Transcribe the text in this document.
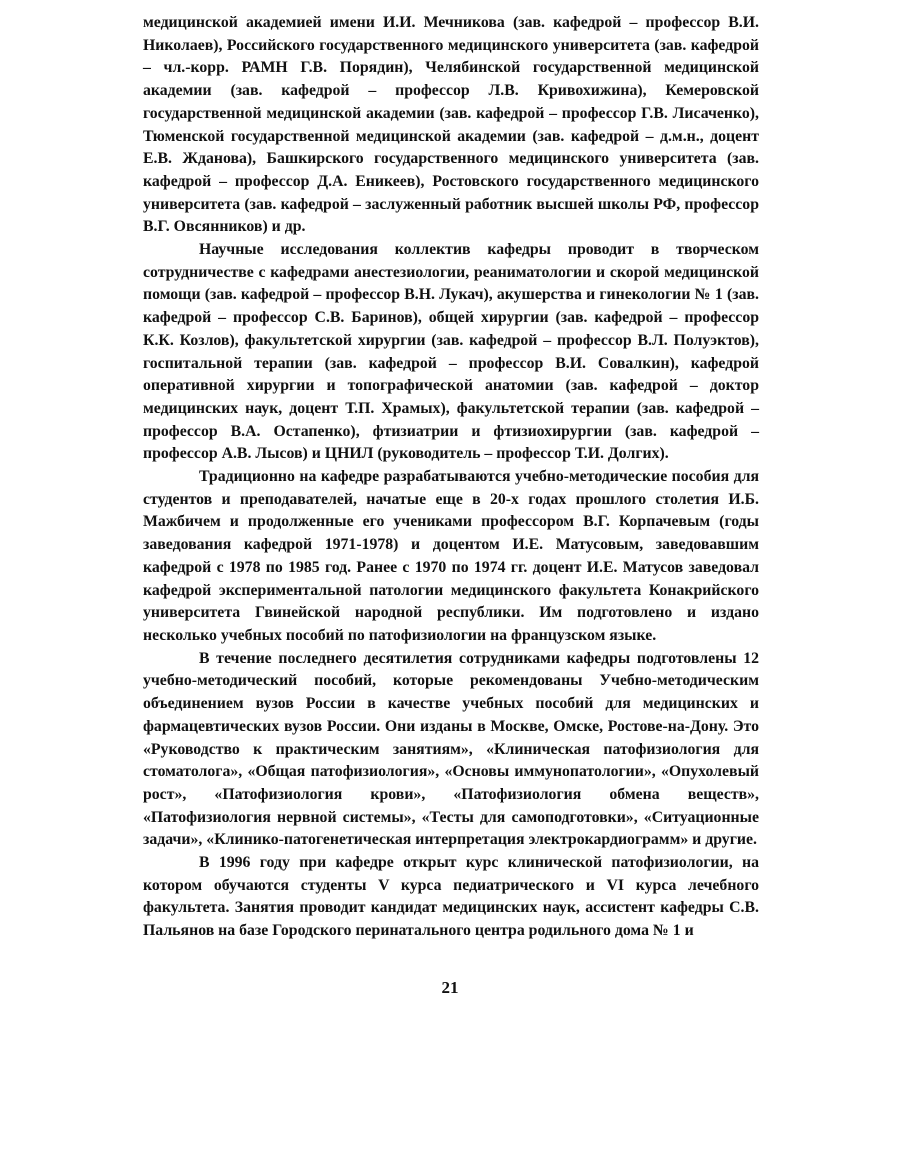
медицинской академией имени И.И. Мечникова (зав. кафедрой – профессор В.И. Николаев), Российского государственного медицинского университета (зав. кафедрой – чл.-корр. РАМН Г.В. Порядин), Челябинской государственной медицинской академии (зав. кафедрой – профессор Л.В. Кривохижина), Кемеровской государственной медицинской академии (зав. кафедрой – профессор Г.В. Лисаченко), Тюменской государственной медицинской академии (зав. кафедрой – д.м.н., доцент Е.В. Жданова), Башкирского государственного медицинского университета (зав. кафедрой – профессор Д.А. Еникеев), Ростовского государственного медицинского университета (зав. кафедрой – заслуженный работник высшей школы РФ, профессор В.Г. Овсянников) и др.

Научные исследования коллектив кафедры проводит в творческом сотрудничестве с кафедрами анестезиологии, реаниматологии и скорой медицинской помощи (зав. кафедрой – профессор В.Н. Лукач), акушерства и гинекологии № 1 (зав. кафедрой – профессор С.В. Баринов), общей хирургии (зав. кафедрой – профессор К.К. Козлов), факультетской хирургии (зав. кафедрой – профессор В.Л. Полуэктов), госпитальной терапии (зав. кафедрой – профессор В.И. Совалкин), кафедрой оперативной хирургии и топографической анатомии (зав. кафедрой – доктор медицинских наук, доцент Т.П. Храмых), факультетской терапии (зав. кафедрой – профессор В.А. Остапенко), фтизиатрии и фтизиохирургии (зав. кафедрой – профессор А.В. Лысов) и ЦНИЛ (руководитель – профессор Т.И. Долгих).

Традиционно на кафедре разрабатываются учебно-методические пособия для студентов и преподавателей, начатые еще в 20-х годах прошлого столетия И.Б. Мажбичем и продолженные его учениками профессором В.Г. Корпачевым (годы заведования кафедрой 1971-1978) и доцентом И.Е. Матусовым, заведовавшим кафедрой с 1978 по 1985 год. Ранее с 1970 по 1974 гг. доцент И.Е. Матусов заведовал кафедрой экспериментальной патологии медицинского факультета Конакрийского университета Гвинейской народной республики. Им подготовлено и издано несколько учебных пособий по патофизиологии на французском языке.

В течение последнего десятилетия сотрудниками кафедры подготовлены 12 учебно-методический пособий, которые рекомендованы Учебно-методическим объединением вузов России в качестве учебных пособий для медицинских и фармацевтических вузов России. Они изданы в Москве, Омске, Ростове-на-Дону. Это «Руководство к практическим занятиям», «Клиническая патофизиология для стоматолога», «Общая патофизиология», «Основы иммунопатологии», «Опухолевый рост», «Патофизиология крови», «Патофизиология обмена веществ», «Патофизиология нервной системы», «Тесты для самоподготовки», «Ситуационные задачи», «Клинико-патогенетическая интерпретация электрокардиограмм» и другие.

В 1996 году при кафедре открыт курс клинической патофизиологии, на котором обучаются студенты V курса педиатрического и VI курса лечебного факультета. Занятия проводит кандидат медицинских наук, ассистент кафедры С.В. Пальянов на базе Городского перинатального центра родильного дома № 1 и

21
